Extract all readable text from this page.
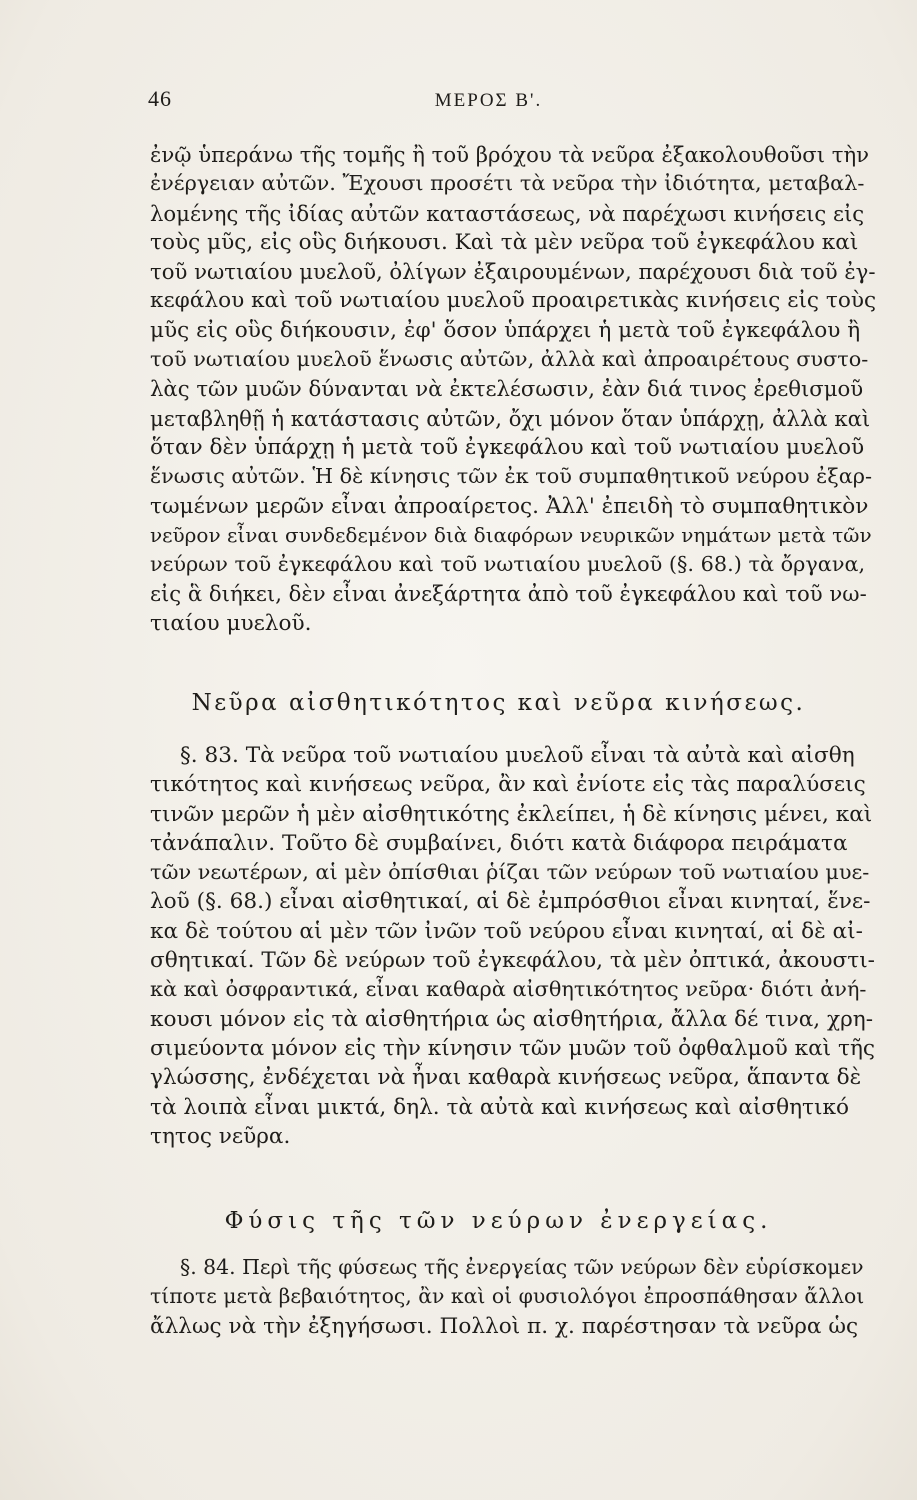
46	ΜΕΡΟΣ Β'.
ἐνῷ ὑπεράνω τῆς τομῆς ἢ τοῦ βρόχου τὰ νεῦρα ἐξακολουθοῦσι τὴν
ἐνέργειαν αὐτῶν. Ἔχουσι προσέτι τὰ νεῦρα τὴν ἰδιότητα, μεταβαλ-
λομένης τῆς ἰδίας αὐτῶν καταστάσεως, νὰ παρέχωσι κινήσεις εἰς
τοὺς μῦς, εἰς οὓς διήκουσι. Καὶ τὰ μὲν νεῦρα τοῦ ἐγκεφάλου καὶ
τοῦ νωτιαίου μυελοῦ, ὀλίγων ἐξαιρουμένων, παρέχουσι διὰ τοῦ ἐγ-
κεφάλου καὶ τοῦ νωτιαίου μυελοῦ προαιρετικὰς κινήσεις εἰς τοὺς
μῦς εἰς οὓς διήκουσιν, ἐφ' ὅσον ὑπάρχει ἡ μετὰ τοῦ ἐγκεφάλου ἢ
τοῦ νωτιαίου μυελοῦ ἕνωσις αὐτῶν, ἀλλὰ καὶ ἀπροαιρέτους συστο-
λὰς τῶν μυῶν δύνανται νὰ ἐκτελέσωσιν, ἐὰν διά τινος ἐρεθισμοῦ
μεταβληθῇ ἡ κατάστασις αὐτῶν, ὄχι μόνον ὅταν ὑπάρχῃ, ἀλλὰ καὶ
ὅταν δὲν ὑπάρχῃ ἡ μετὰ τοῦ ἐγκεφάλου καὶ τοῦ νωτιαίου μυελοῦ
ἕνωσις αὐτῶν. Ἡ δὲ κίνησις τῶν ἐκ τοῦ συμπαθητικοῦ νεύρου ἐξαρ-
τωμένων μερῶν εἶναι ἀπροαίρετος. Ἀλλ' ἐπειδὴ τὸ συμπαθητικὸν
νεῦρον εἶναι συνδεδεμένον διὰ διαφόρων νευρικῶν νημάτων μετὰ τῶν
νεύρων τοῦ ἐγκεφάλου καὶ τοῦ νωτιαίου μυελοῦ (§. 68.) τὰ ὄργανα,
εἰς ἃ διήκει, δὲν εἶναι ἀνεξάρτητα ἀπὸ τοῦ ἐγκεφάλου καὶ τοῦ νω-
τιαίου μυελοῦ.
Νεῦρα αἰσθητικότητος καὶ νεῦρα κινήσεως.
§. 83. Τὰ νεῦρα τοῦ νωτιαίου μυελοῦ εἶναι τὰ αὐτὰ καὶ αἰσθη
τικότητος καὶ κινήσεως νεῦρα, ἂν καὶ ἐνίοτε εἰς τὰς παραλύσεις
τινῶν μερῶν ἡ μὲν αἰσθητικότης ἐκλείπει, ἡ δὲ κίνησις μένει, καὶ
τἀνάπαλιν. Τοῦτο δὲ συμβαίνει, διότι κατὰ διάφορα πειράματα
τῶν νεωτέρων, αἱ μὲν ὀπίσθιαι ῥίζαι τῶν νεύρων τοῦ νωτιαίου μυε-
λοῦ (§. 68.) εἶναι αἰσθητικαί, αἱ δὲ ἐμπρόσθιοι εἶναι κινηταί, ἕνε-
κα δὲ τούτου αἱ μὲν τῶν ἰνῶν τοῦ νεύρου εἶναι κινηταί, αἱ δὲ αἰ-
σθητικαί. Τῶν δὲ νεύρων τοῦ ἐγκεφάλου, τὰ μὲν ὀπτικά, ἀκουστι-
κὰ καὶ ὀσφραντικά, εἶναι καθαρὰ αἰσθητικότητος νεῦρα· διότι ἀνή-
κουσι μόνον εἰς τὰ αἰσθητήρια ὡς αἰσθητήρια, ἄλλα δέ τινα, χρη-
σιμεύοντα μόνον εἰς τὴν κίνησιν τῶν μυῶν τοῦ ὀφθαλμοῦ καὶ τῆς
γλώσσης, ἐνδέχεται νὰ ἦναι καθαρὰ κινήσεως νεῦρα, ἅπαντα δὲ
τὰ λοιπὰ εἶναι μικτά, δηλ. τὰ αὐτὰ καὶ κινήσεως καὶ αἰσθητικό
τητος νεῦρα.
Φύσις τῆς τῶν νεύρων ἐνεργείας.
§. 84. Περὶ τῆς φύσεως τῆς ἐνεργείας τῶν νεύρων δὲν εὑρίσκομεν
τίποτε μετὰ βεβαιότητος, ἂν καὶ οἱ φυσιολόγοι ἐπροσπάθησαν ἄλλοι
ἄλλως νὰ τὴν ἐξηγήσωσι. Πολλοὶ π. χ. παρέστησαν τὰ νεῦρα ὡς
